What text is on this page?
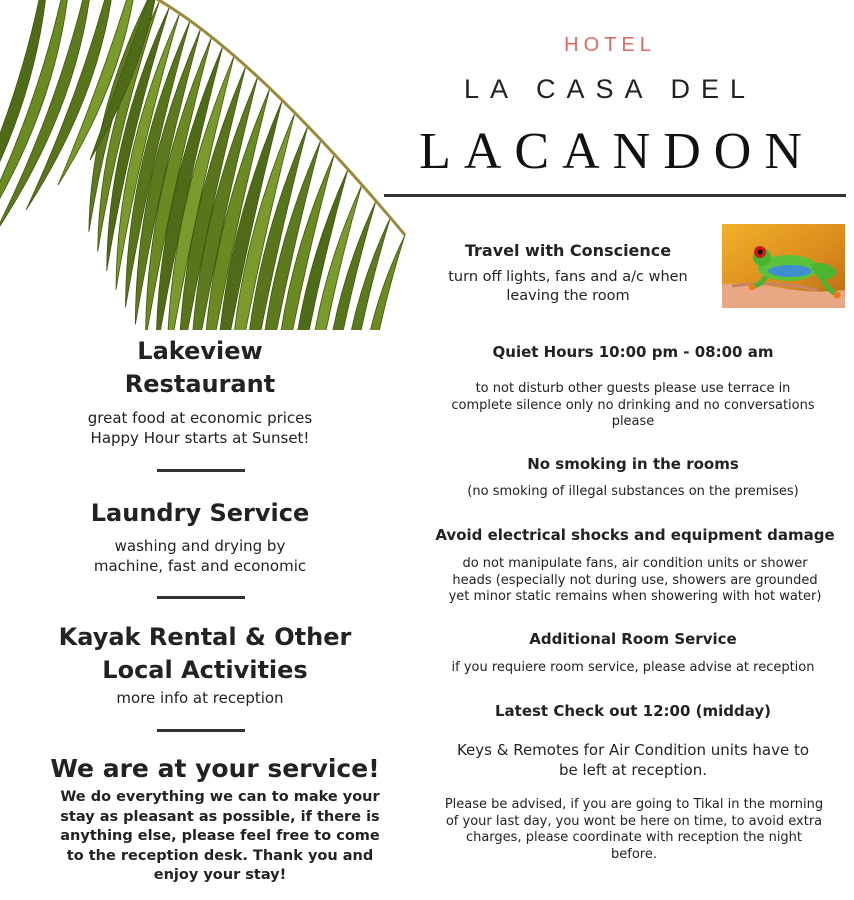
HOTEL
LA CASA DEL
LACANDON
Lakeview
Restaurant
great food at economic prices
Happy Hour starts at Sunset!
Laundry Service
washing and drying by
machine, fast and economic
Kayak Rental & Other
Local Activities
more info at reception
We are at your service!
We do everything we can to make your
stay as pleasant as possible, if there is
anything else, please feel free to come
to the reception desk. Thank you and
enjoy your stay!
Travel with Conscience
turn off lights, fans and a/c when
leaving the room
Quiet Hours 10:00 pm - 08:00 am
to not disturb other guests please use terrace in
complete silence only no drinking and no conversations
please
No smoking in the rooms
(no smoking of illegal substances on the premises)
Avoid electrical shocks and equipment damage
do not manipulate fans, air condition units or shower
heads (especially not during use, showers are grounded
yet minor static remains when showering with hot water)
Additional Room Service
if you requiere room service, please advise at reception
Latest Check out 12:00 (midday)
Keys & Remotes for Air Condition units have to
be left at reception.
Please be advised, if you are going to Tikal in the morning
of your last day, you wont be here on time, to avoid extra
charges, please coordinate with reception the night
before.
